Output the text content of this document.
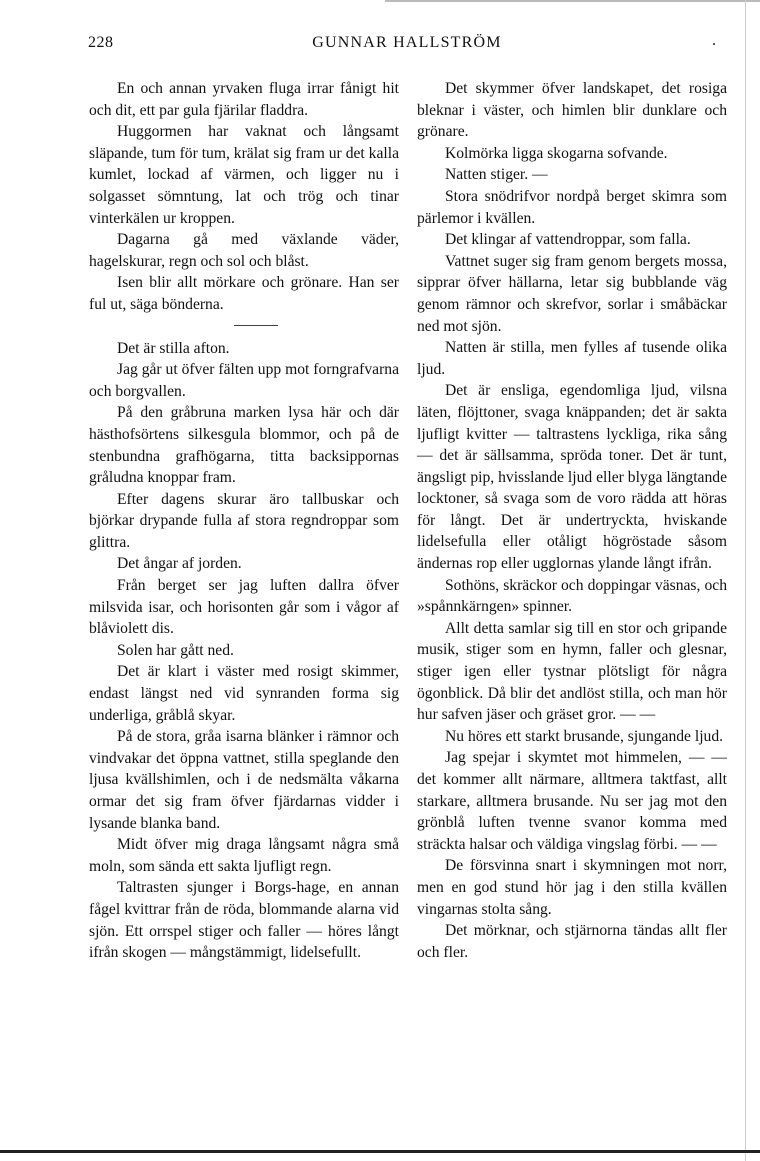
228	GUNNAR HALLSTRÖM	.

En och annan yrvaken fluga irrar fånigt hit och dit, ett par gula fjärilar fladdra.

Huggormen har vaknat och långsamt släpande, tum för tum, krälat sig fram ur det kalla kumlet, lockad af värmen, och ligger nu i solgasset sömntung, lat och trög och tinar vinterkälen ur kroppen.

Dagarna gå med växlande väder, hagelskurar, regn och sol och blåst.

Isen blir allt mörkare och grönare. Han ser ful ut, säga bönderna.

Det är stilla afton.

Jag går ut öfver fälten upp mot forngrafvarna och borgvallen.

På den gråbruna marken lysa här och där hästhofsörtens silkesgula blommor, och på de stenbundna grafhögarna, titta backsippornas gråludna knoppar fram.

Efter dagens skurar äro tallbuskar och björkar drypande fulla af stora regndroppar som glittra.

Det ångar af jorden.

Från berget ser jag luften dallra öfver milsvida isar, och horisonten går som i vågor af blåviolett dis.

Solen har gått ned.

Det är klart i väster med rosigt skimmer, endast längst ned vid synranden forma sig underliga, gråblå skyar.

På de stora, gråa isarna blänker i rämnor och vindvakar det öppna vattnet, stilla speglande den ljusa kvällshimlen, och i de nedsmälta våkarna ormar det sig fram öfver fjärdarnas vidder i lysande blanka band.

Midt öfver mig draga långsamt några små moln, som sända ett sakta ljufligt regn.

Taltrasten sjunger i Borgs-hage, en annan fågel kvittrar från de röda, blommande alarna vid sjön. Ett orrspel stiger och faller — höres långt ifrån skogen — mångstämmigt, lidelsefullt.

Det skymmer öfver landskapet, det rosiga bleknar i väster, och himlen blir dunklare och grönare.

Kolmörka ligga skogarna sofvande.

Natten stiger. —

Stora snödrifvor nordpå berget skimra som pärlemor i kvällen.

Det klingar af vattendroppar, som falla.

Vattnet suger sig fram genom bergets mossa, sipprar öfver hällarna, letar sig bubblande väg genom rämnor och skrefvor, sorlar i småbäckar ned mot sjön.

Natten är stilla, men fylles af tusende olika ljud.

Det är ensliga, egendomliga ljud, vilsna läten, flöjttoner, svaga knäppanden; det är sakta ljufligt kvitter — taltrastens lyckliga, rika sång — det är sällsamma, spröda toner. Det är tunt, ängsligt pip, hvisslande ljud eller blyga längtande locktoner, så svaga som de voro rädda att höras för långt. Det är undertryckta, hviskande lidelsefulla eller otåligt högröstade såsom ändernas rop eller ugglornas ylande långt ifrån.

Sothöns, skräckor och doppingar väsnas, och »spånnkärngen» spinner.

Allt detta samlar sig till en stor och gripande musik, stiger som en hymn, faller och glesnar, stiger igen eller tystnar plötsligt för några ögonblick. Då blir det andlöst stilla, och man hör hur safven jäser och gräset gror. — —

Nu höres ett starkt brusande, sjungande ljud.

Jag spejar i skymtet mot himmelen, — — det kommer allt närmare, alltmera taktfast, allt starkare, alltmera brusande. Nu ser jag mot den grönblå luften tvenne svanor komma med sträckta halsar och väldiga vingslag förbi. — —

De försvinna snart i skymningen mot norr, men en god stund hör jag i den stilla kvällen vingarnas stolta sång.

Det mörknar, och stjärnorna tändas allt fler och fler.
